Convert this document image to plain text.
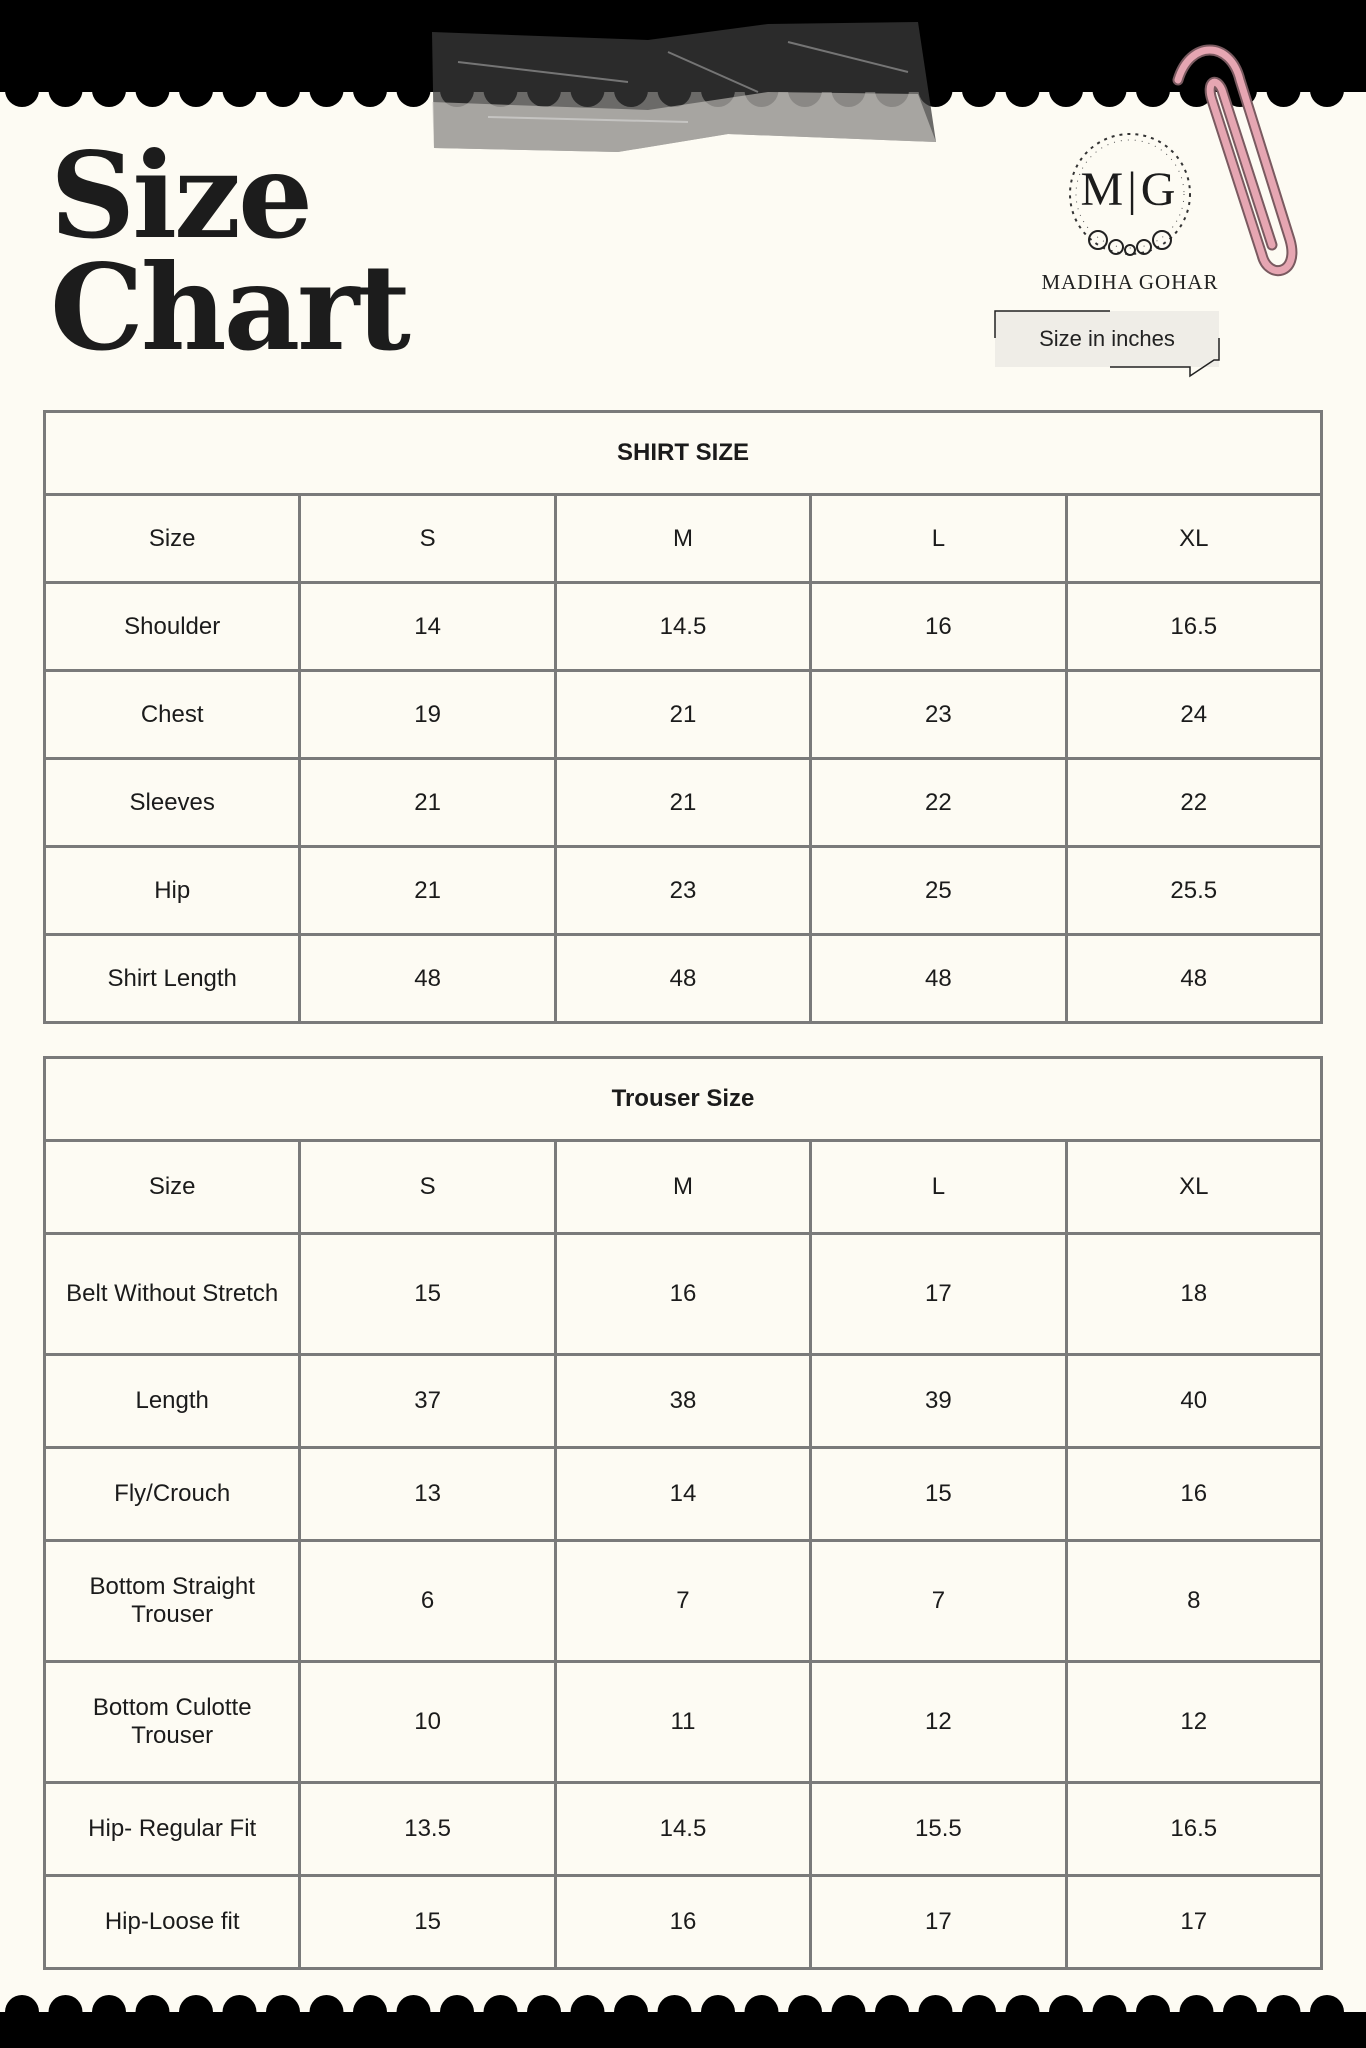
Size
Chart
M|G
MADIHA GOHAR
Size in inches
SHIRT SIZE				
Size	S	M	L	XL
Shoulder	14	14.5	16	16.5
Chest	19	21	23	24
Sleeves	21	21	22	22
Hip	21	23	25	25.5
Shirt Length	48	48	48	48
Trouser Size				
Size	S	M	L	XL
Belt Without Stretch	15	16	17	18
Length	37	38	39	40
Fly/Crouch	13	14	15	16
Bottom Straight Trouser	6	7	7	8
Bottom Culotte Trouser	10	11	12	12
Hip- Regular Fit	13.5	14.5	15.5	16.5
Hip-Loose fit	15	16	17	17
